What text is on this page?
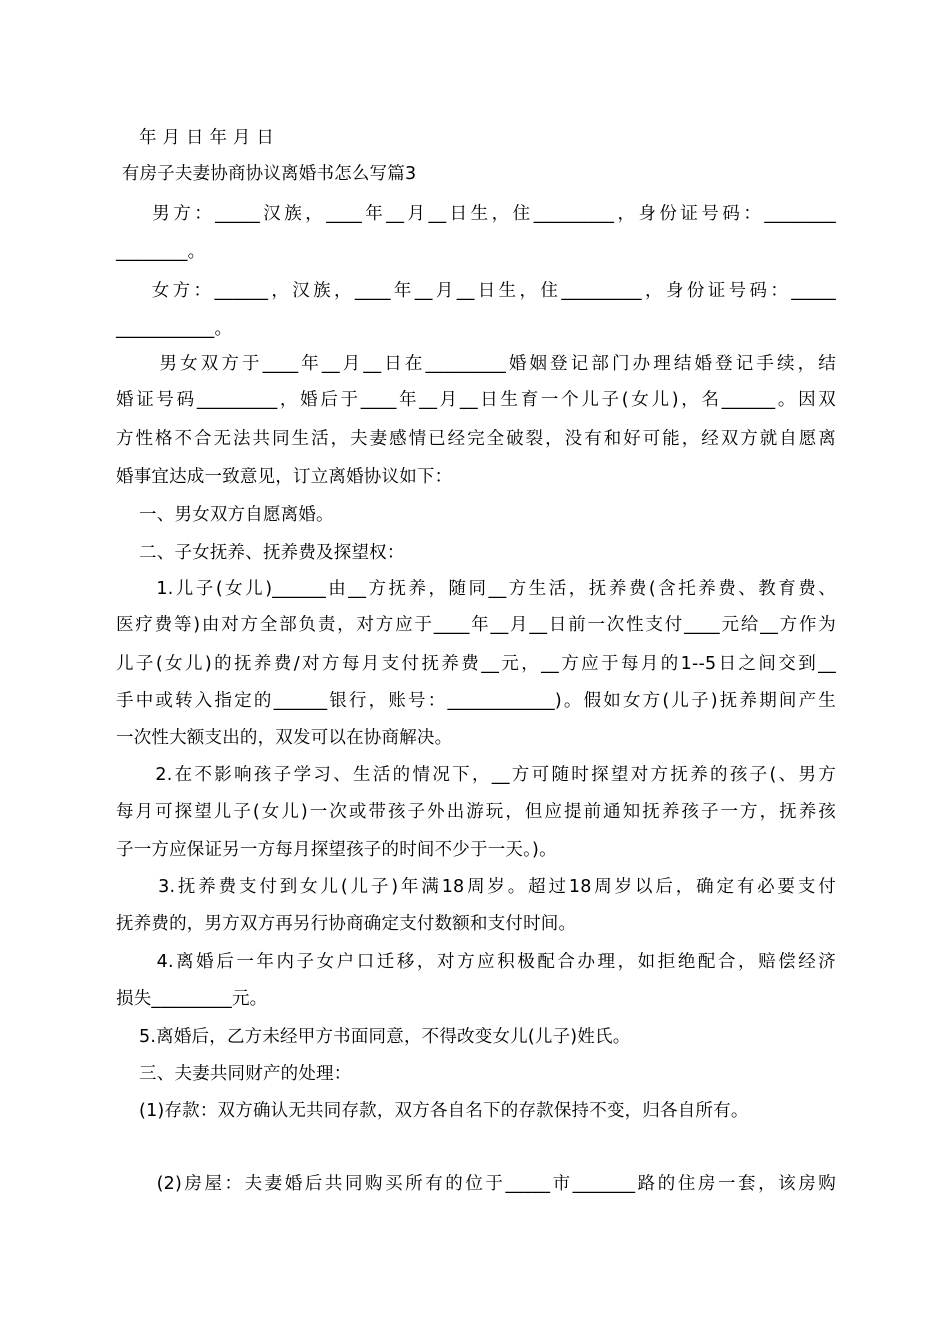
年 月 日 年 月 日
有房子夫妻协商协议离婚书怎么写篇3
男方：_____汉族，____年__月__日生，住_________，身份证号码：________
________。
女方：______，汉族，____年__月__日生，住_________，身份证号码：_____
___________。
男女双方于____年__月__日在_________婚姻登记部门办理结婚登记手续，结
婚证号码_________，婚后于____年__月__日生育一个儿子(女儿)，名______。因双
方性格不合无法共同生活，夫妻感情已经完全破裂，没有和好可能，经双方就自愿离
婚事宜达成一致意见，订立离婚协议如下：
一、男女双方自愿离婚。
二、子女抚养、抚养费及探望权：
1.儿子(女儿)______由__方抚养，随同__方生活，抚养费(含托养费、教育费、
医疗费等)由对方全部负责，对方应于____年__月__日前一次性支付____元给__方作为
儿子(女儿)的抚养费/对方每月支付抚养费__元，__方应于每月的1--5日之间交到__
手中或转入指定的______银行，账号：____________)。假如女方(儿子)抚养期间产生
一次性大额支出的，双发可以在协商解决。
2.在不影响孩子学习、生活的情况下，__方可随时探望对方抚养的孩子(、男方
每月可探望儿子(女儿)一次或带孩子外出游玩，但应提前通知抚养孩子一方，抚养孩
子一方应保证另一方每月探望孩子的时间不少于一天。)。
3.抚养费支付到女儿(儿子)年满18周岁。超过18周岁以后，确定有必要支付
抚养费的，男方双方再另行协商确定支付数额和支付时间。
4.离婚后一年内子女户口迁移，对方应积极配合办理，如拒绝配合，赔偿经济
损失_________元。
5.离婚后，乙方未经甲方书面同意，不得改变女儿(儿子)姓氏。
三、夫妻共同财产的处理：
(1)存款：双方确认无共同存款，双方各自名下的存款保持不变，归各自所有。
(2)房屋：夫妻婚后共同购买所有的位于_____市_______路的住房一套，该房购
